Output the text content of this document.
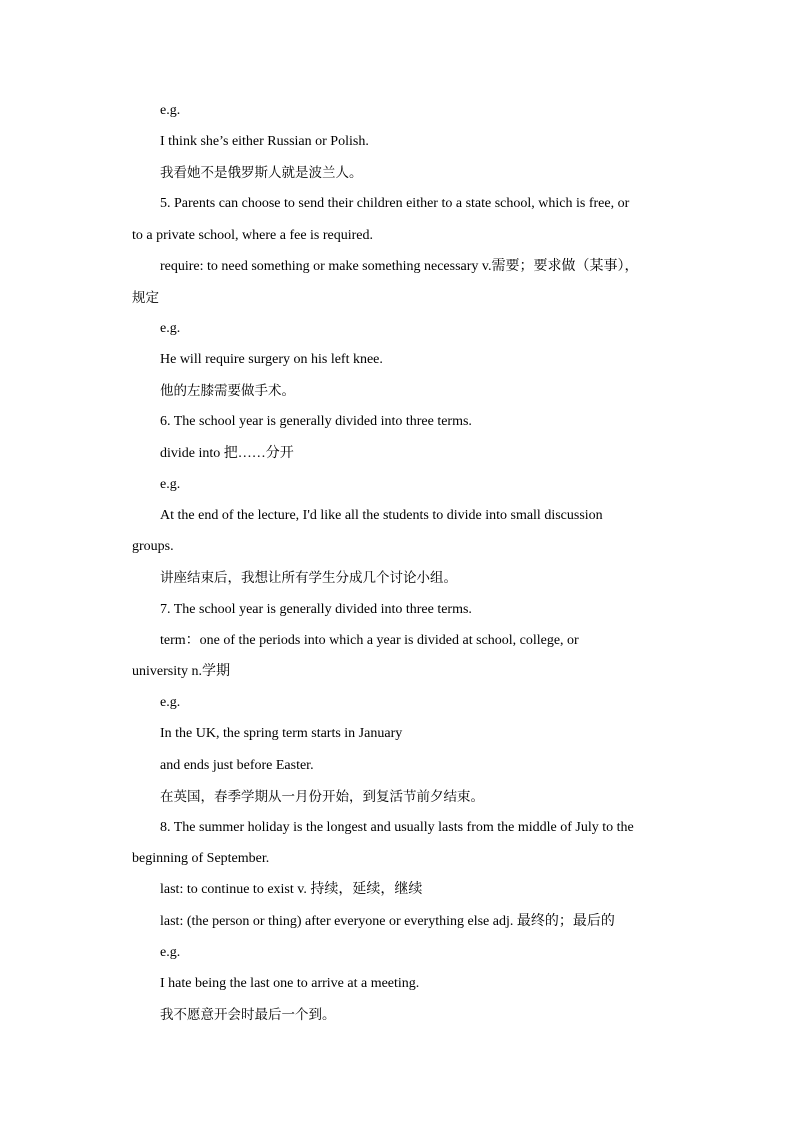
e.g.
I think she’s either Russian or Polish.
我看她不是俄罗斯人就是波兰人。
5. Parents can choose to send their children either to a state school, which is free, or
to a private school, where a fee is required.
require: to need something or make something necessary v.需要；要求做（某事），
规定
e.g.
He will require surgery on his left knee.
他的左膝需要做手术。
6. The school year is generally divided into three terms.
divide into 把……分开
e.g.
At the end of the lecture, I'd like all the students to divide into small discussion
groups.
讲座结束后，我想让所有学生分成几个讨论小组。
7. The school year is generally divided into three terms.
term：one of the periods into which a year is divided at school, college, or
university n.学期
e.g.
In the UK, the spring term starts in January
and ends just before Easter.
在英国，春季学期从一月份开始，到复活节前夕结束。
8. The summer holiday is the longest and usually lasts from the middle of July to the
beginning of September.
last: to continue to exist v. 持续，延续，继续
last: (the person or thing) after everyone or everything else adj. 最终的；最后的
e.g.
I hate being the last one to arrive at a meeting.
我不愿意开会时最后一个到。
